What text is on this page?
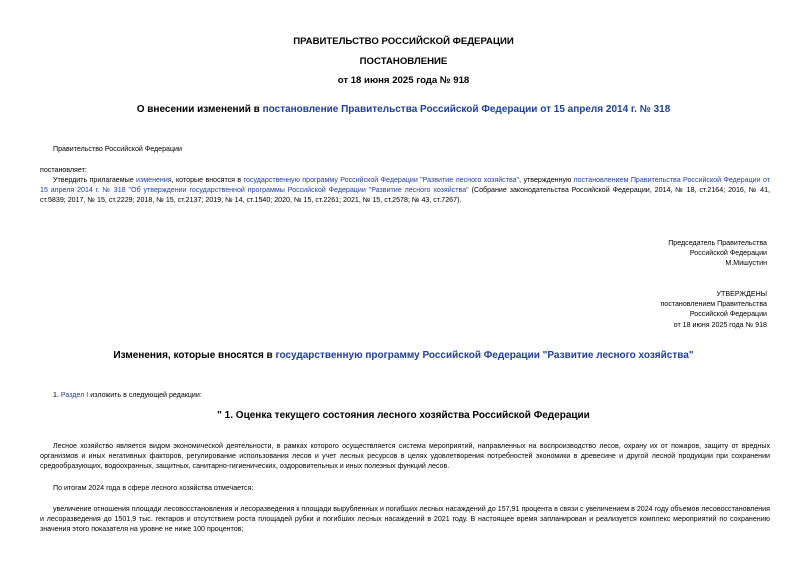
ПРАВИТЕЛЬСТВО РОССИЙСКОЙ ФЕДЕРАЦИИ
ПОСТАНОВЛЕНИЕ
от 18 июня 2025 года № 918
О внесении изменений в постановление Правительства Российской Федерации от 15 апреля 2014 г. № 318
Правительство Российской Федерации
постановляет:
Утвердить прилагаемые изменения, которые вносятся в государственную программу Российской Федерации "Развитие лесного хозяйства", утвержденную постановлением Правительства Российской Федерации от 15 апреля 2014 г. № 318 "Об утверждении государственной программы Российской Федерации "Развитие лесного хозяйства" (Собрание законодательства Российской Федерации, 2014, № 18, ст.2164; 2016, № 41, ст.5839; 2017, № 15, ст.2229; 2018, № 15, ст.2137; 2019, № 14, ст.1540; 2020, № 15, ст.2261; 2021, № 15, ст.2578; № 43, ст.7267).
Председатель Правительства
Российской Федерации
М.Мишустин
УТВЕРЖДЕНЫ
постановлением Правительства
Российской Федерации
от 18 июня 2025 года № 918
Изменения, которые вносятся в государственную программу Российской Федерации "Развитие лесного хозяйства"
1. Раздел I изложить в следующей редакции:
" 1. Оценка текущего состояния лесного хозяйства Российской Федерации
Лесное хозяйство является видом экономической деятельности, в рамках которого осуществляется система мероприятий, направленных на воспроизводство лесов, охрану их от пожаров, защиту от вредных организмов и иных негативных факторов, регулирование использования лесов и учет лесных ресурсов в целях удовлетворения потребностей экономики в древесине и другой лесной продукции при сохранении средообразующих, водоохранных, защитных, санитарно-гигиенических, оздоровительных и иных полезных функций лесов.
По итогам 2024 года в сфере лесного хозяйства отмечается:
увеличение отношения площади лесовосстановления и лесоразведения к площади вырубленных и погибших лесных насаждений до 157,91 процента в связи с увеличением в 2024 году объемов лесовосстановления и лесоразведения до 1501,9 тыс. гектаров и отсутствием роста площадей рубки и погибших лесных насаждений в 2021 году. В настоящее время запланирован и реализуется комплекс мероприятий по сохранению значения этого показателя на уровне не ниже 100 процентов;
